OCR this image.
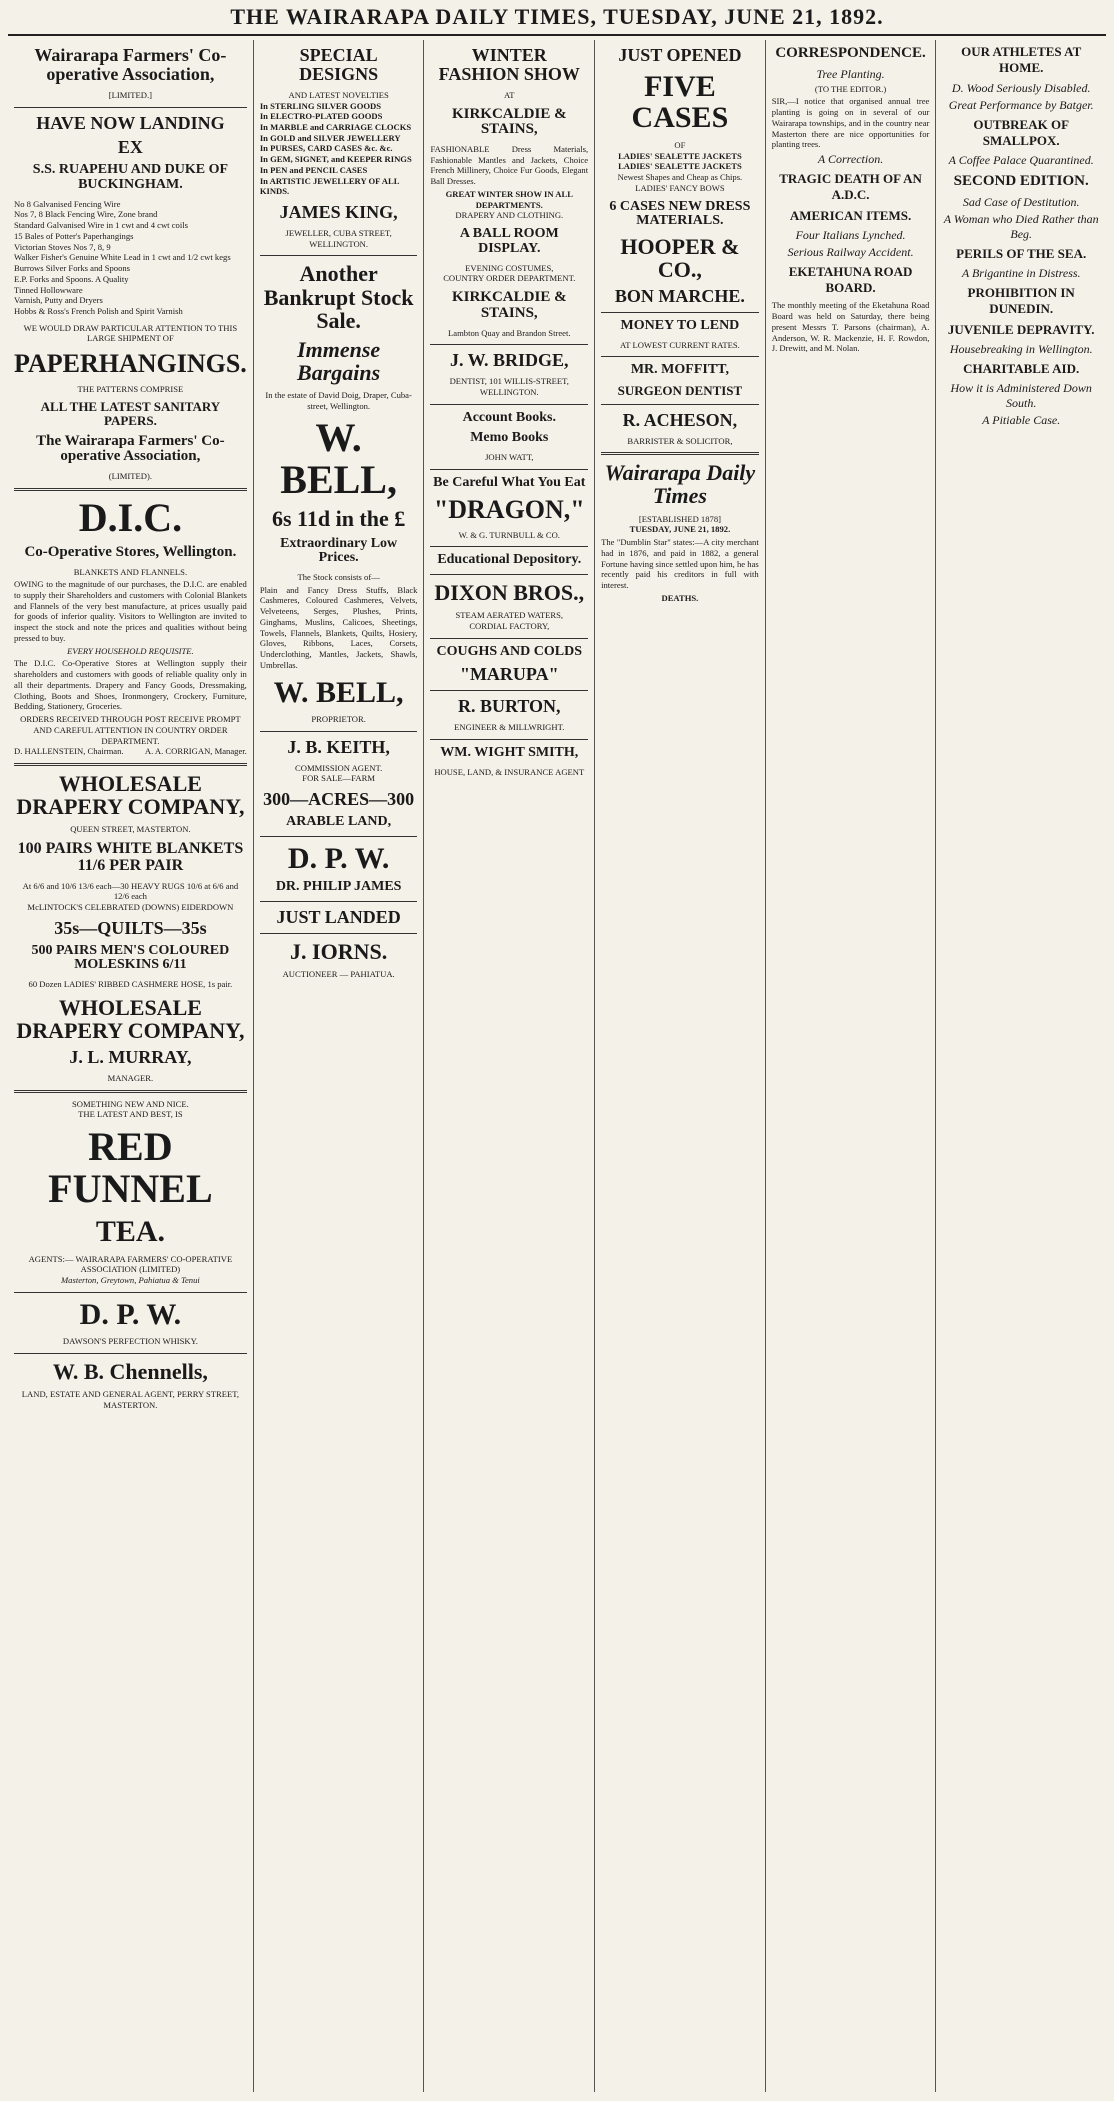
THE WAIRARAPA DAILY TIMES, TUESDAY, JUNE 21, 1892.
Wairarapa Farmers' Co-operative Association,
[LIMITED.]
HAVE NOW LANDING
EX
S.S. RUAPEHU AND DUKE OF BUCKINGHAM.
No 8 Galvanised Fencing Wire
Nos 7, 8 Black Fencing Wire, Zone brand
Standard Galvanised Wire in 1 cwt and 4 cwt coils
15 Bales of Potter's Paperhangings
Victorian Stoves Nos 7, 8, 9
Walker Fisher's Genuine White Lead in 1 cwt and 1/2 cwt kegs
Burrows Silver Forks and Spoons
E.P. Forks and Spoons. A Quality
Tinned Hollowware
Varnish, Putty and Dryers
Hobbs & Ross's French Polish and Spirit Varnish
WE WOULD DRAW PARTICULAR ATTENTION TO THIS LARGE SHIPMENT OF
PAPERHANGINGS.
THE PATTERNS COMPRISE
ALL THE LATEST SANITARY PAPERS.
The Wairarapa Farmers' Co-operative Association,
(LIMITED).
D.I.C.
Co-Operative Stores, Wellington.
BLANKETS AND FLANNELS.

OWING to the magnitude of our purchases, the D.I.C. are enabled to supply their Shareholders and customers with Colonial Blankets and Flannels of the very best manufacture, at prices usually paid for goods of inferior quality. Visitors to Wellington are invited to inspect the stock and note the prices and qualities without being pressed to buy.

EVERY HOUSEHOLD REQUISITE.

The D.I.C. Co-Operative Stores at Wellington supply their shareholders and customers with goods of reliable quality only in all their departments. Drapery and Fancy Goods, Dressmaking, Clothing, Boots and Shoes, Ironmongery, Crockery, Furniture, Bedding, Stationery, Groceries.

ORDERS RECEIVED THROUGH POST RECEIVE PROMPT AND CAREFUL ATTENTION IN COUNTRY ORDER DEPARTMENT.
D. HALLENSTEIN, Chairman. A. A. CORRIGAN, Manager.
WHOLESALE DRAPERY COMPANY,
QUEEN STREET, MASTERTON.
100 PAIRS WHITE BLANKETS 11/6 PER PAIR
At 6/6 and 10/6 13/6 each—30 HEAVY RUGS 10/6 at 6/6 and 12/6 each
McLINTOCK'S CELEBRATED (DOWNS) EIDERDOWN
35s—QUILTS—35s
500 PAIRS MEN'S COLOURED MOLESKINS 6/11
60 Dozen LADIES' RIBBED CASHMERE HOSE, 1s pair.
WHOLESALE DRAPERY COMPANY,
J. L. MURRAY,
MANAGER.
SOMETHING NEW AND NICE.
THE LATEST AND BEST, IS
RED FUNNEL
TEA.
AGENTS:— WAIRARAPA FARMERS' CO-OPERATIVE ASSOCIATION (LIMITED)
Masterton, Greytown, Pahiatua & Tenui
D. P. W.
DAWSON'S PERFECTION WHISKY.
W. B. Chennells,
LAND, ESTATE AND GENERAL AGENT, PERRY STREET, MASTERTON.
SPECIAL DESIGNS
AND LATEST NOVELTIES
In STERLING SILVER GOODS
In ELECTRO-PLATED GOODS
In MARBLE and CARRIAGE CLOCKS
In GOLD and SILVER JEWELLERY
In PURSES, CARD CASES &c. &c.
In GEM, SIGNET, and KEEPER RINGS
In PEN and PENCIL CASES
In ARTISTIC JEWELLERY OF ALL KINDS.
JAMES KING,
JEWELLER, CUBA STREET, WELLINGTON.
Another Bankrupt Stock Sale.
Immense Bargains
In the estate of David Doig, Draper, Cuba-street, Wellington.
W. BELL,
6s 11d in the £
Extraordinary Low Prices.
The Stock consists of—

Plain and Fancy Dress Stuffs, Black Cashmeres, Coloured Cashmeres, Velvets, Velveteens, Serges, Plushes, Prints, Ginghams, Muslins, Calicoes, Sheetings, Towels, Flannels, Blankets, Quilts, Hosiery, Gloves, Ribbons, Laces, Corsets, Underclothing, Mantles, Jackets, Shawls, Umbrellas.

W. BELL,
PROPRIETOR.
J. B. KEITH,
COMMISSION AGENT.
FOR SALE—FARM
300—ACRES—300
ARABLE LAND,
D. P. W.
DR. PHILIP JAMES
JUST LANDED
J. IORNS.
AUCTIONEER — PAHIATUA.
WINTER FASHION SHOW
AT
KIRKCALDIE & STAINS,

FASHIONABLE Dress Materials, Fashionable Mantles and Jackets, Choice French Millinery, Choice Fur Goods, Elegant Ball Dresses.

GREAT WINTER SHOW IN ALL DEPARTMENTS.
DRAPERY AND CLOTHING.
A BALL ROOM DISPLAY.
EVENING COSTUMES,
COUNTRY ORDER DEPARTMENT.
KIRKCALDIE & STAINS,
Lambton Quay and Brandon Street.
J. W. BRIDGE,
DENTIST, 101 WILLIS-STREET, WELLINGTON.
Account Books.
Memo Books
JOHN WATT,
Be Careful What You Eat
"DRAGON,"
W. & G. TURNBULL & CO.
Educational Depository.
DIXON BROS.,
STEAM AERATED WATERS,
CORDIAL FACTORY,
COUGHS AND COLDS
"MARUPA"
R. BURTON,
ENGINEER & MILLWRIGHT.
WM. WIGHT SMITH,
HOUSE, LAND, & INSURANCE AGENT
JUST OPENED
FIVE CASES
OF
LADIES' SEALETTE JACKETS LADIES' SEALETTE JACKETS
Newest Shapes and Cheap as Chips.
LADIES' FANCY BOWS
6 CASES NEW DRESS MATERIALS.
HOOPER & CO.,
BON MARCHE.
MONEY TO LEND
AT LOWEST CURRENT RATES.
MR. MOFFITT,
SURGEON DENTIST
R. ACHESON,
BARRISTER & SOLICITOR,
Wairarapa Daily Times
[ESTABLISHED 1878]
TUESDAY, JUNE 21, 1892.

The "Dumblin Star" states:—A city merchant had in 1876, and paid in 1882, a general Fortune having since settled upon him, he has recently paid his creditors in full with interest.

DEATHS.
CORRESPONDENCE.
Tree Planting.
(TO THE EDITOR.)

SIR,—I notice that organised annual tree planting is going on in several of our Wairarapa townships, and in the country near Masterton there are nice opportunities for planting trees.

A Correction.
TRAGIC DEATH OF AN A.D.C.
AMERICAN ITEMS.
Four Italians Lynched.
Serious Railway Accident.
EKETAHUNA ROAD BOARD.

The monthly meeting of the Eketahuna Road Board was held on Saturday, there being present Messrs T. Parsons (chairman), A. Anderson, W. R. Mackenzie, H. F. Rowdon, J. Drewitt, and M. Nolan.

OUR ATHLETES AT HOME.
D. Wood Seriously Disabled.
Great Performance by Batger.
OUTBREAK OF SMALLPOX.
A Coffee Palace Quarantined.
SECOND EDITION.
Sad Case of Destitution.
A Woman who Died Rather than Beg.
PERILS OF THE SEA.
A Brigantine in Distress.
PROHIBITION IN DUNEDIN.
JUVENILE DEPRAVITY.
Housebreaking in Wellington.
CHARITABLE AID.
How it is Administered Down South.
A Pitiable Case.
